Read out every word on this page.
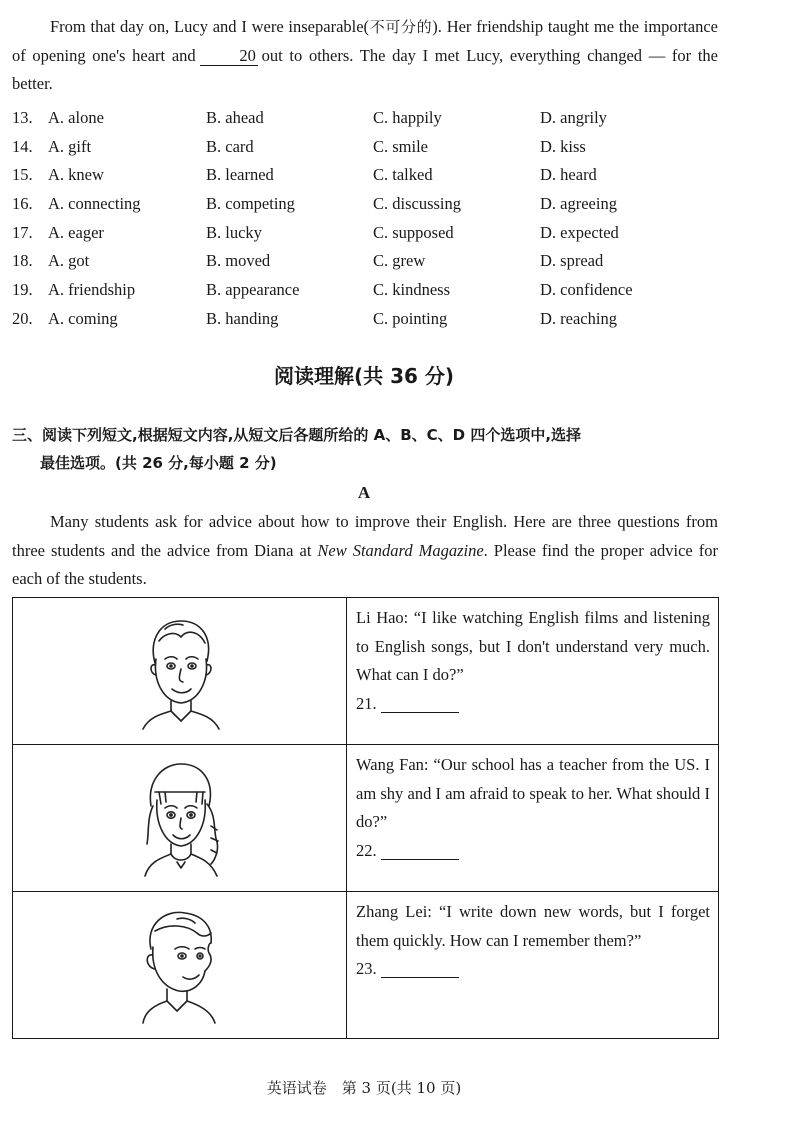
From that day on, Lucy and I were inseparable(不可分的). Her friendship taught me the importance of opening one's heart and	20 out to others. The day I met Lucy, everything changed — for the better.

13. A. alone	B. ahead	C. happily	D. angrily
14. A. gift	B. card	C. smile	D. kiss
15. A. knew	B. learned	C. talked	D. heard
16. A. connecting	B. competing	C. discussing	D. agreeing
17. A. eager	B. lucky	C. supposed	D. expected
18. A. got	B. moved	C. grew	D. spread
19. A. friendship	B. appearance	C. kindness	D. confidence
20. A. coming	B. handing	C. pointing	D. reaching
阅读理解(共 36 分)
三、阅读下列短文,根据短文内容,从短文后各题所给的 A、B、C、D 四个选项中,选择
最佳选项。(共 26 分,每小题 2 分)
A

Many students ask for advice about how to improve their English. Here are three questions from three students and the advice from Diana at New Standard Magazine. Please find the proper advice for each of the students.

Li Hao: “I like watching English films and listening to English songs, but I don't understand very much. What can I do?”
21.

Wang Fan: “Our school has a teacher from the US. I am shy and I am afraid to speak to her. What should I do?”
22.

Zhang Lei: “I write down new words, but I forget them quickly. How can I remember them?”
23.
英语试卷　第 3 页(共 10 页)
